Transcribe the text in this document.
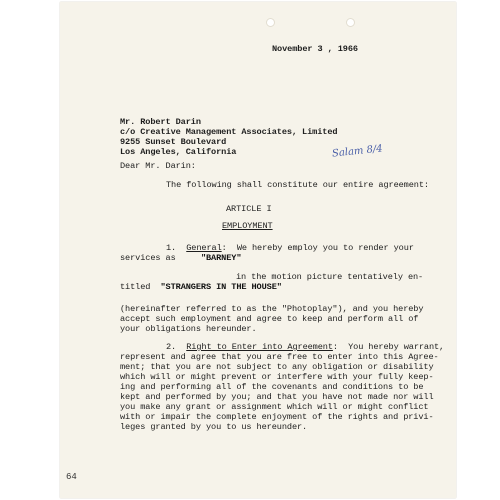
November 3 , 1966
Mr. Robert Darin
c/o Creative Management Associates, Limited
9255 Sunset Boulevard
Los Angeles, California	Salam 8/4
Dear Mr. Darin:
The following shall constitute our entire agreement:
ARTICLE I
EMPLOYMENT
1. General:  We hereby employ you to render your
services as	"BARNEY"
in the motion picture tentatively en-
titled "STRANGERS IN THE HOUSE"
(hereinafter referred to as the "Photoplay"), and you hereby
accept such employment and agree to keep and perform all of
your obligations hereunder.
2. Right to Enter into Agreement:  You hereby warrant,
represent and agree that you are free to enter into this Agree-
ment; that you are not subject to any obligation or disability
which will or might prevent or interfere with your fully keep-
ing and performing all of the covenants and conditions to be
kept and performed by you; and that you have not made nor will
you make any grant or assignment which will or might conflict
with or impair the complete enjoyment of the rights and privi-
leges granted by you to us hereunder.
64
